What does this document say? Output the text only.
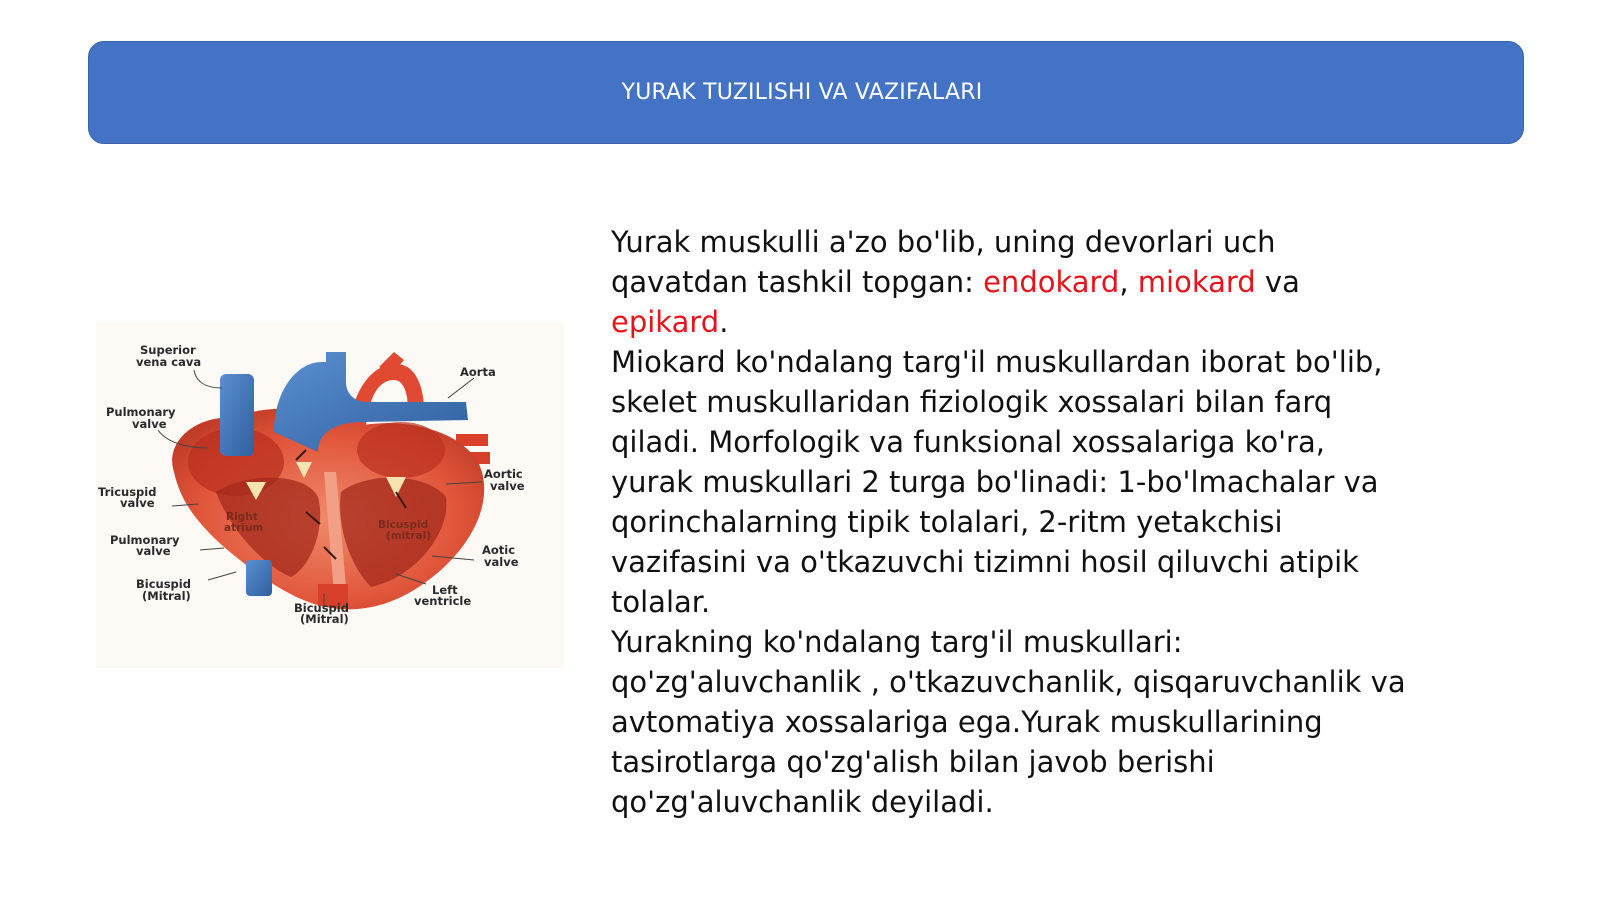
YURAK TUZILISHI VA VAZIFALARI
Superior
vena cava
Aorta
Pulmonary
valve
Aortic
valve
Tricuspid
valve
Right
atrium	Bicuspid
(mitral)
Pulmonary
valve	Aotic
valve
Bicuspid
(Mitral)	Left
ventricle
Bicuspid
(Mitral)

Yurak muskulli a'zo bo'lib, uning devorlari uch qavatdan tashkil topgan: endokard, miokard va epikard.

Miokard ko'ndalang targ'il muskullardan iborat bo'lib, skelet muskullaridan fiziologik xossalari bilan farq qiladi. Morfologik va funksional xossalariga ko'ra, yurak muskullari 2 turga bo'linadi: 1-bo'lmachalar va qorinchalarning tipik tolalari, 2-ritm yetakchisi vazifasini va o'tkazuvchi tizimni hosil qiluvchi atipik tolalar.

Yurakning ko'ndalang targ'il muskullari: qo'zg'aluvchanlik , o'tkazuvchanlik, qisqaruvchanlik va avtomatiya xossalariga ega.Yurak muskullarining tasirotlarga qo'zg'alish bilan javob berishi qo'zg'aluvchanlik deyiladi.
